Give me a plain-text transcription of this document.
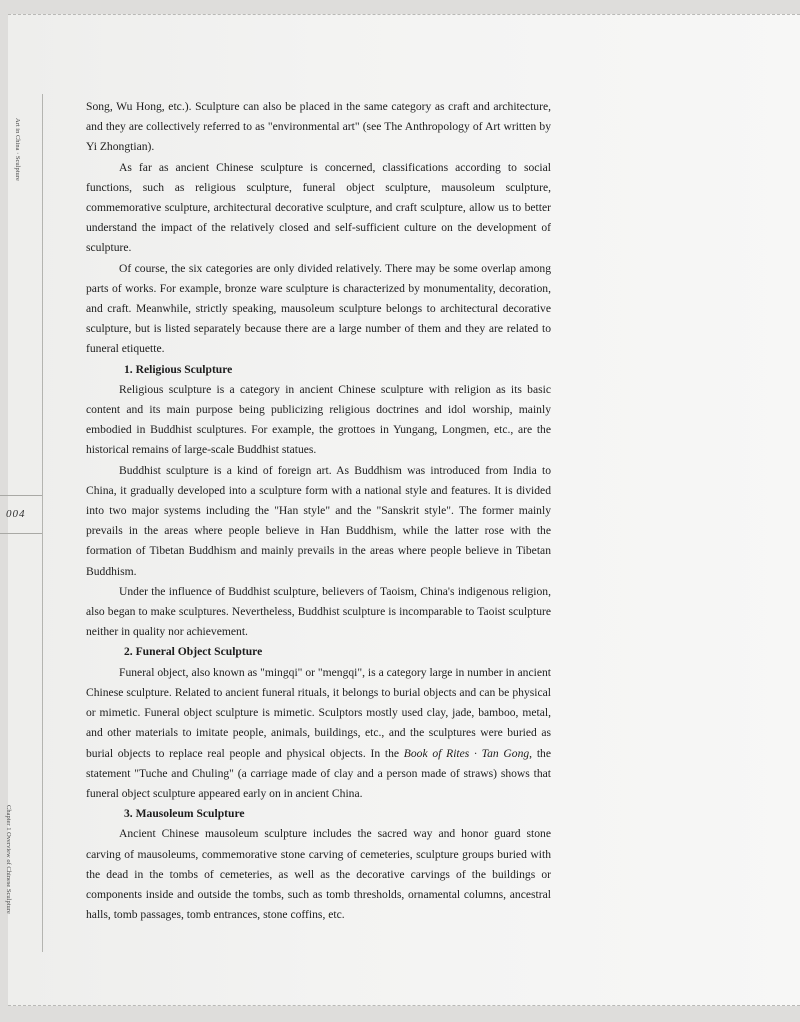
Art in China · Sculpture
004
Chapter 1 Overview of Chinese Sculpture

Song, Wu Hong, etc.). Sculpture can also be placed in the same category as craft and architecture, and they are collectively referred to as "environmental art" (see The Anthropology of Art written by Yi Zhongtian).

As far as ancient Chinese sculpture is concerned, classifications according to social functions, such as religious sculpture, funeral object sculpture, mausoleum sculpture, commemorative sculpture, architectural decorative sculpture, and craft sculpture, allow us to better understand the impact of the relatively closed and self-sufficient culture on the development of sculpture.

Of course, the six categories are only divided relatively. There may be some overlap among parts of works. For example, bronze ware sculpture is characterized by monumentality, decoration, and craft. Meanwhile, strictly speaking, mausoleum sculpture belongs to architectural decorative sculpture, but is listed separately because there are a large number of them and they are related to funeral etiquette.

1. Religious Sculpture

Religious sculpture is a category in ancient Chinese sculpture with religion as its basic content and its main purpose being publicizing religious doctrines and idol worship, mainly embodied in Buddhist sculptures. For example, the grottoes in Yungang, Longmen, etc., are the historical remains of large-scale Buddhist statues.

Buddhist sculpture is a kind of foreign art. As Buddhism was introduced from India to China, it gradually developed into a sculpture form with a national style and features. It is divided into two major systems including the "Han style" and the "Sanskrit style". The former mainly prevails in the areas where people believe in Han Buddhism, while the latter rose with the formation of Tibetan Buddhism and mainly prevails in the areas where people believe in Tibetan Buddhism.

Under the influence of Buddhist sculpture, believers of Taoism, China's indigenous religion, also began to make sculptures. Nevertheless, Buddhist sculpture is incomparable to Taoist sculpture neither in quality nor achievement.

2. Funeral Object Sculpture

Funeral object, also known as "mingqi" or "mengqi", is a category large in number in ancient Chinese sculpture. Related to ancient funeral rituals, it belongs to burial objects and can be physical or mimetic. Funeral object sculpture is mimetic. Sculptors mostly used clay, jade, bamboo, metal, and other materials to imitate people, animals, buildings, etc., and the sculptures were buried as burial objects to replace real people and physical objects. In the Book of Rites · Tan Gong, the statement "Tuche and Chuling" (a carriage made of clay and a person made of straws) shows that funeral object sculpture appeared early on in ancient China.

3. Mausoleum Sculpture

Ancient Chinese mausoleum sculpture includes the sacred way and honor guard stone carving of mausoleums, commemorative stone carving of cemeteries, sculpture groups buried with the dead in the tombs of cemeteries, as well as the decorative carvings of the buildings or components inside and outside the tombs, such as tomb thresholds, ornamental columns, ancestral halls, tomb passages, tomb entrances, stone coffins, etc.
